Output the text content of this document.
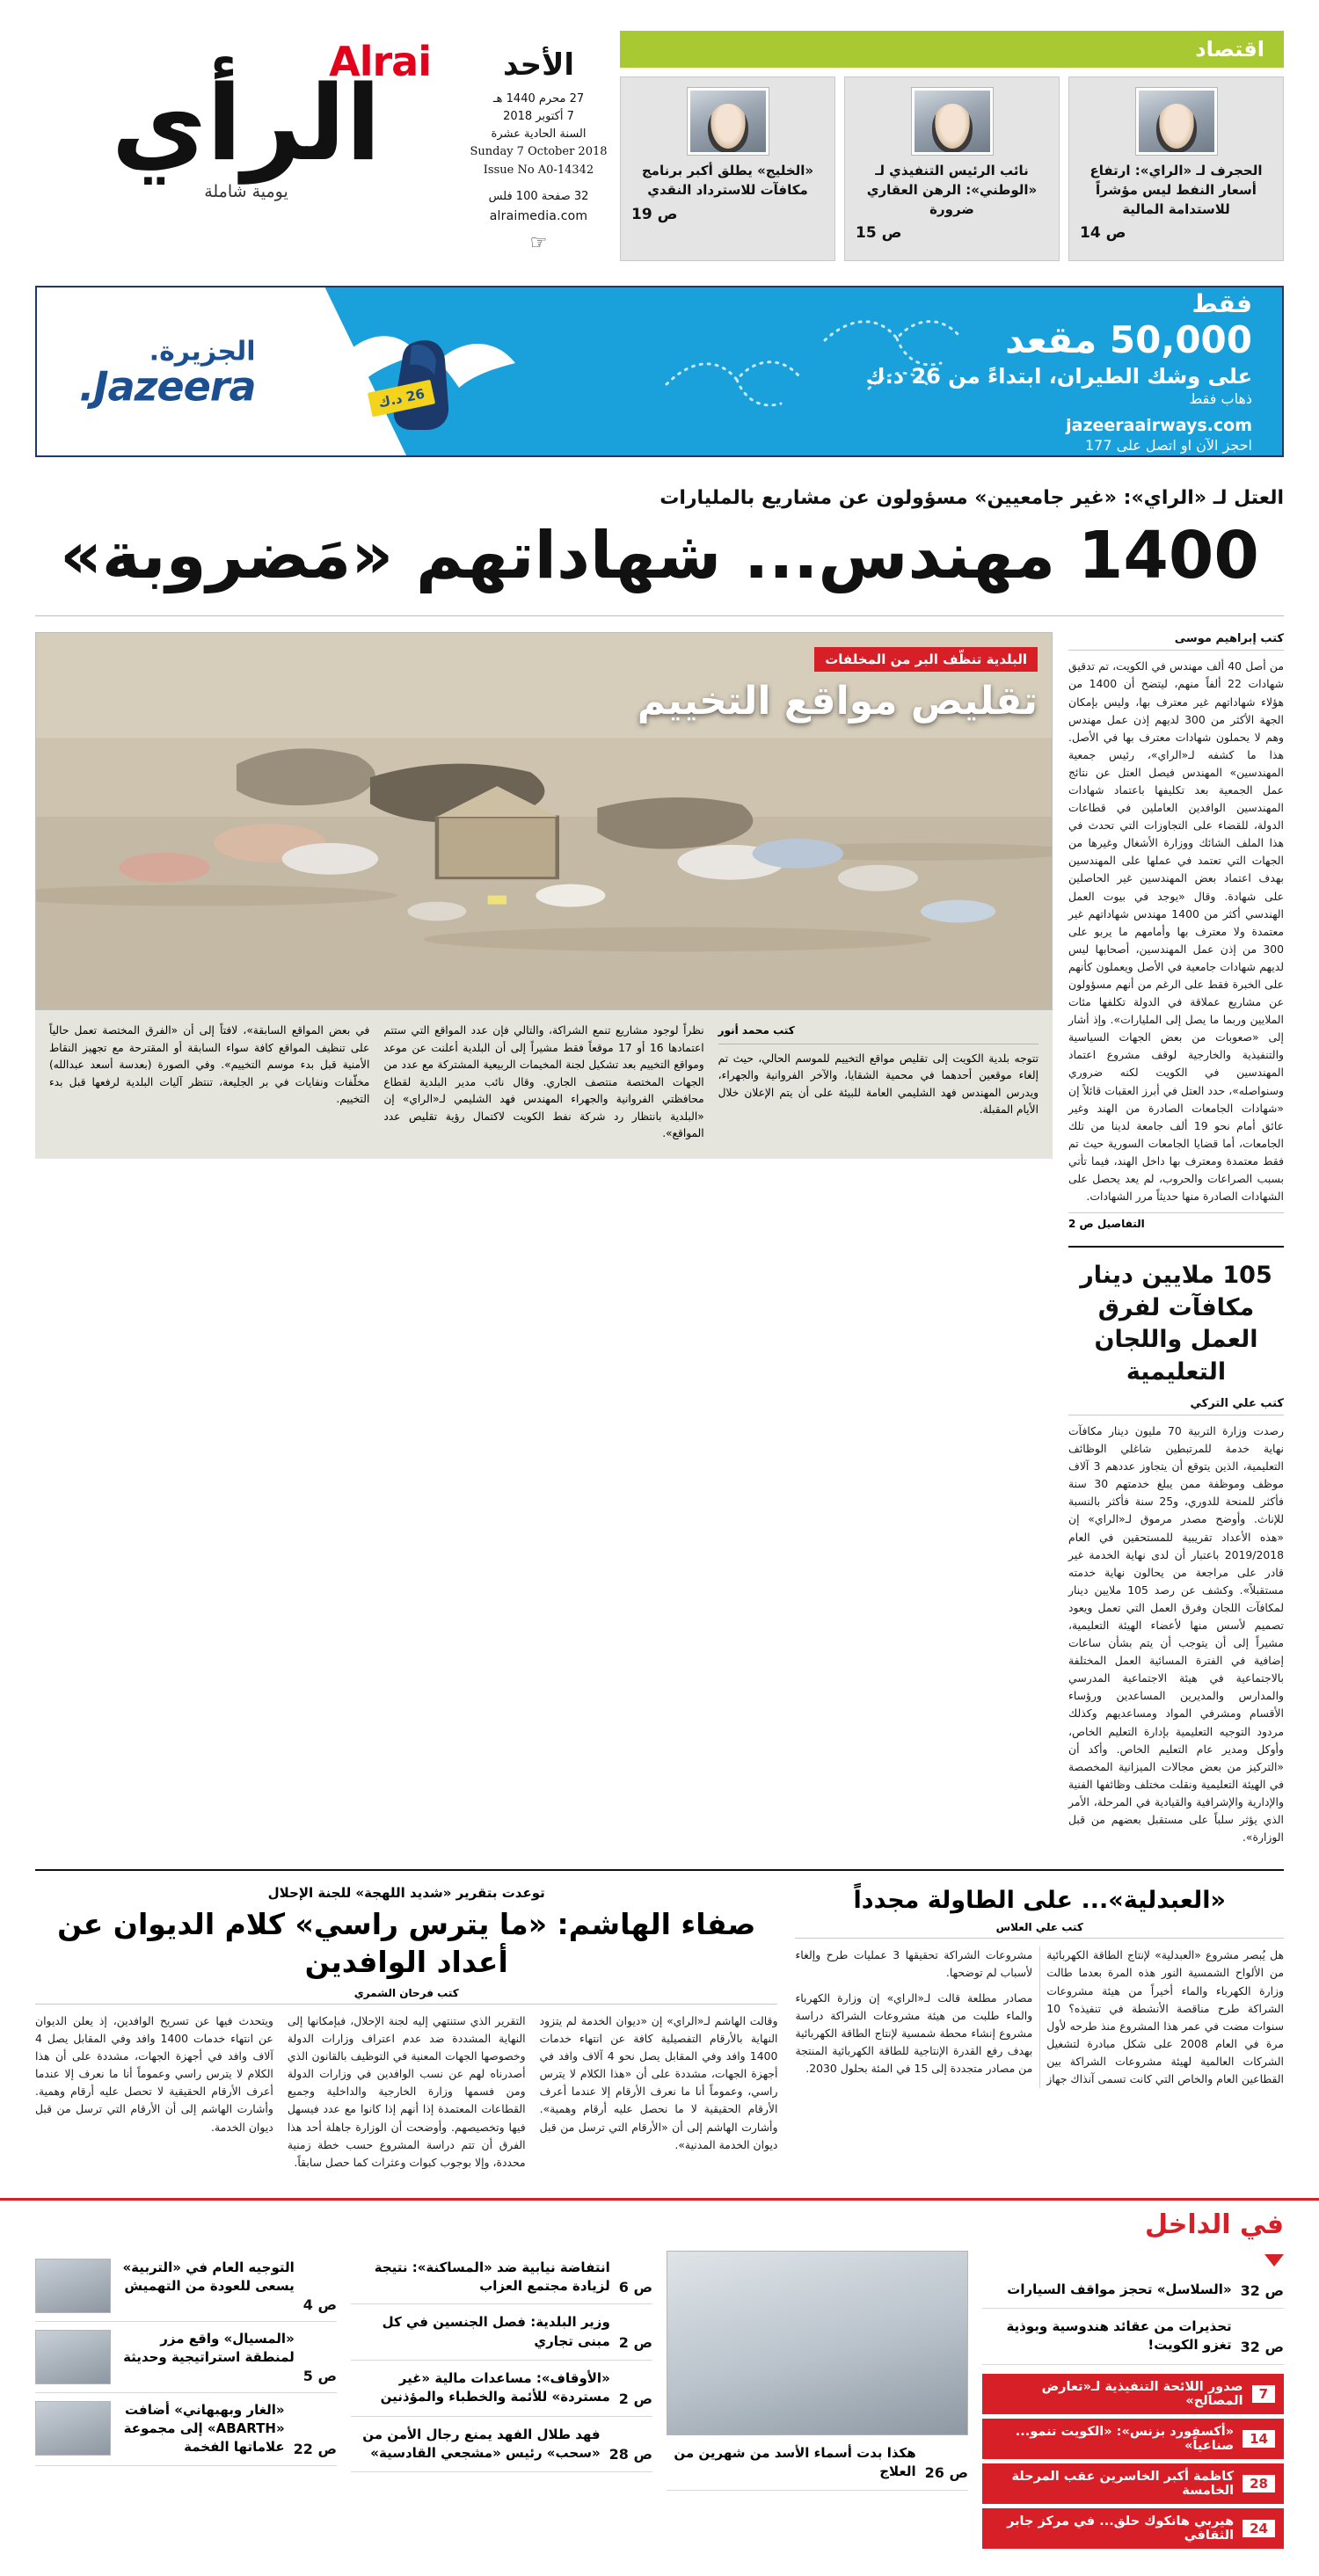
Alrai
الرأي
يومية شاملة
الأحد
27 محرم 1440 هـ
7 أكتوبر 2018
السنة الحادية عشرة
Sunday 7 October 2018
Issue No A0-14342
32 صفحة 100 فلس
alraimedia.com
☞
اقتصاد
الحجرف لـ «الراي»: ارتفاع أسعار النفط ليس مؤشراً للاستدامة المالية
ص 14
نائب الرئيس التنفيذي لـ «الوطني»: الرهن العقاري ضرورة
ص 15
«الخليج» يطلق أكبر برنامج مكافآت للاسترداد النقدي
ص 19
26 د.ك
الجزيرة.
Jazeera.
فقط
50,000 مقعد
على وشك الطيران، ابتداءً من 26 د.ك
ذهاب فقط
jazeeraairways.com
احجز الآن او اتصل على 177
العتل لـ «الراي»: «غير جامعيين» مسؤولون عن مشاريع بالمليارات
1400 مهندس... شهاداتهم «مَضروبة»
كتب إبراهيم موسى
من أصل 40 ألف مهندس في الكويت، تم تدقيق شهادات 22 ألفاً منهم، ليتضح أن 1400 من هؤلاء شهاداتهم غير معترف بها، وليس بإمكان الجهة الأكثر من 300 لديهم إذن عمل مهندس وهم لا يحملون شهادات معترف بها في الأصل. هذا ما كشفه لـ«الراي»، رئيس جمعية المهندسين» المهندس فيصل العتل عن نتائج عمل الجمعية بعد تكليفها باعتماد شهادات المهندسين الوافدين العاملين في قطاعات الدولة، للقضاء على التجاوزات التي تحدث في هذا الملف الشائك ووزارة الأشغال وغيرها من الجهات التي تعتمد في عملها على المهندسين بهدف اعتماد بعض المهندسين غير الحاصلين على شهادة. وقال «يوجد في بيوت العمل الهندسي أكثر من 1400 مهندس شهاداتهم غير معتمدة ولا معترف بها وأمامهم ما يربو على 300 من إذن عمل المهندسين، أصحابها ليس لديهم شهادات جامعية في الأصل ويعملون كأنهم على الخبرة فقط على الرغم من أنهم مسؤولون عن مشاريع عملاقة في الدولة تكلفها مئات الملايين وربما ما يصل إلى المليارات». وإذ أشار إلى «صعوبات من بعض الجهات السياسية والتنفيذية والخارجية لوقف مشروع اعتماد المهندسين في الكويت لكنه ضروري وسنواصله»، حدد العتل في أبرز العقبات قائلاً إن «شهادات الجامعات الصادرة من الهند وغير عائق أمام نحو 19 ألف جامعة لدينا من تلك الجامعات، أما قضايا الجامعات السورية حيث تم فقط معتمدة ومعترف بها داخل الهند، فيما تأتي بسبب الصراعات والحروب، لم يعد يحصل على الشهادات الصادرة منها حديثاً مرر الشهادات.
التفاصيل ص 2
105 ملايين دينار مكافآت لفرق العمل واللجان التعليمية
كتب علي التركي
رصدت وزارة التربية 70 مليون دينار مكافآت نهاية خدمة للمرتبطين شاغلي الوظائف التعليمية، الذين يتوقع أن يتجاوز عددهم 3 آلاف موظف وموظفة ممن يبلغ خدمتهم 30 سنة فأكثر للمنحة للدوري، و25 سنة فأكثر بالنسبة للإناث. وأوضح مصدر مرموق لـ«الراي» إن «هذه الأعداد تقريبية للمستحقين في العام 2019/2018 باعتبار أن لدى نهاية الخدمة غير قادر على مراجعة من يحالون نهاية خدمته مستقبلاً». وكشف عن رصد 105 ملايين دينار لمكافآت اللجان وفرق العمل التي تعمل ويعود تصميم لأسس منها لأعضاء الهيئة التعليمية، مشيراً إلى أن يتوجب أن يتم بشأن ساعات إضافية في الفترة المسائية العمل المختلفة بالاجتماعية في هيئة الاجتماعية المدرسي والمدارس والمديرين المساعدين ورؤساء الأقسام ومشرفي المواد ومساعديهم وكذلك مردود التوجيه التعليمية بإدارة التعليم الخاص، وأوكل ومدير عام التعليم الخاص. وأكد أن «التركيز من بعض مجالات الميزانية المخصصة في الهيئة التعليمية ونقلت مختلف وظائفها الفنية والإدارية والإشرافية والقيادية في المرحلة، الأمر الذي يؤثر سلباً على مستقبل بعضهم من قبل الوزارة».
البلدية تنظّف البر من المخلفات
تقليص مواقع التخييم
كتب محمد أنور
تتوجه بلدية الكويت إلى تقليص مواقع التخييم للموسم الحالي، حيث تم إلغاء موقعين أحدهما في محمية الشقايا، والآخر الفروانية والجهراء، ويدرس المهندس فهد الشليمي العامة للبيئة على أن يتم الإعلان خلال الأيام المقبلة.
نظراً لوجود مشاريع تنمع الشراكة، والتالي فإن عدد المواقع التي ستتم اعتمادها 16 أو 17 موقعاً فقط مشيراً إلى أن البلدية أعلنت عن موعد ومواقع التخييم بعد تشكيل لجنة المخيمات الربيعية المشتركة مع عدد من الجهات المختصة منتصف الجاري. وقال نائب مدير البلدية لقطاع محافظتي الفروانية والجهراء المهندس فهد الشليمي لـ«الراي» إن «البلدية بانتظار رد شركة نفط الكويت لاكتمال رؤية تقليص عدد المواقع».
في بعض المواقع السابقة»، لافتاً إلى أن «الفرق المختصة تعمل حالياً على تنظيف المواقع كافة سواء السابقة أو المقترحة مع تجهيز النقاط الأمنية قبل بدء موسم التخييم». وفي الصورة (بعدسة أسعد عبدالله) مخلّفات ونفايات في بر الجليعة، تنتظر آليات البلدية لرفعها قبل بدء التخييم.
«العبدلية»... على الطاولة مجدداً
كتب علي العلاس
هل يُبصر مشروع «العبدلية» لإنتاج الطاقة الكهربائية من الألواح الشمسية النور هذه المرة بعدما طالت وزارة الكهرباء والماء أخيراً من هيئة مشروعات الشراكة طرح مناقصة الأنشطة في تنفيذه؟ 10 سنوات مضت في عمر هذا المشروع منذ طرحه لأول مرة في العام 2008 على شكل مبادرة لتشغيل الشركات العالمية لهيئة مشروعات الشراكة بين القطاعين العام والخاص التي كانت تسمى آنذاك جهاز مشروعات الشراكة تحقيقها 3 عمليات طرح وإلغاء لأسباب لم توضحها.
مصادر مطلعة قالت لـ«الراي» إن وزارة الكهرباء والماء طلبت من هيئة مشروعات الشراكة دراسة مشروع إنشاء محطة شمسية لإنتاج الطاقة الكهربائية بهدف رفع القدرة الإنتاجية للطاقة الكهربائية المنتجة من مصادر متجددة إلى 15 في المئة بحلول 2030.
توعدت بتقرير «شديد اللهجة» للجنة الإحلال
صفاء الهاشم: «ما يترس راسي» كلام الديوان عن أعداد الوافدين
كتب فرحان الشمري
وقالت الهاشم لـ«الراي» إن «ديوان الخدمة لم يتزود النهاية بالأرقام التفصيلية كافة عن انتهاء خدمات 1400 وافد وفي المقابل يصل نحو 4 آلاف وافد في أجهزة الجهات، مشددة على أن «هذا الكلام لا يترس راسي، وعموماً أنا ما نعرف الأرقام إلا عندما أعرف الأرقام الحقيقية لا ما نحصل عليه أرقام وهمية». وأشارت الهاشم إلى أن «الأرقام التي ترسل من قبل ديوان الخدمة المدنية».
التقرير الذي ستنتهي إليه لجنة الإحلال، فبإمكانها إلى النهاية المشددة ضد عدم اعتراف وزارات الدولة وخصوصها الجهات المعنية في التوظيف بالقانون الذي أصدرناه لهم عن نسب الوافدين في وزارات الدولة ومن فسمها وزارة الخارجية والداخلية وجميع القطاعات المعتمدة إذا أنهم إذا كانوا مع عدد فيسهل فيها وتخصيصهم. وأوضحت أن الوزارة جاهلة أحد هذا الفرق أن تتم دراسة المشروع حسب خطة زمنية محددة، وإلا بوجوب كبوات وعثرات كما حصل سابقاً.
ويتحدث فيها عن تسريح الوافدين، إذ يعلن الديوان عن انتهاء خدمات 1400 وافد وفي المقابل يصل 4 آلاف وافد في أجهزة الجهات، مشددة على أن هذا الكلام لا يترس راسي وعموماً أنا ما نعرف إلا عندما أعرف الأرقام الحقيقية لا تحصل عليه أرقام وهمية. وأشارت الهاشم إلى أن الأرقام التي ترسل من قبل ديوان الخدمة.
في الداخل
«السلاسل» تحجز مواقف السيارات ص 32
تحذيرات من عقائد هندوسية وبوذية تغزو الكويت! ص 32
صدور اللائحة التنفيذية لـ«تعارض المصالح»	7
«أكسفورد بزنس»: «الكويت تنمو... صناعياً»	14
كاظمة أكبر الخاسرين عقب المرحلة الخامسة	28
هيربي هانكوك حلق... في مركز جابر الثقافي	24
هكذا بدت أسماء الأسد من شهرين من العلاج ص 26
انتفاضة نيابية ضد «المساكنة»: نتيجة لزيادة مجتمع العزاب ص 6
وزير البلدية: فصل الجنسين في كل مبنى تجاري ص 2
«الأوقاف»: مساعدات مالية «غير مستردة» للأئمة والخطباء والمؤذنين ص 2
فهد طلال الفهد يمنع رجال الأمن من «سحب» رئيس «مشجعي القادسية» ص 28
التوجيه العام في «التربية» يسعى للعودة من التهميش
ص 4
«المسيال» واقع مزر لمنطقة استراتيجية وحديثة
ص 5
«الغار وبهبهاني» أضافت «ABARTH» إلى مجموعة علاماتها الفخمة ص 22
